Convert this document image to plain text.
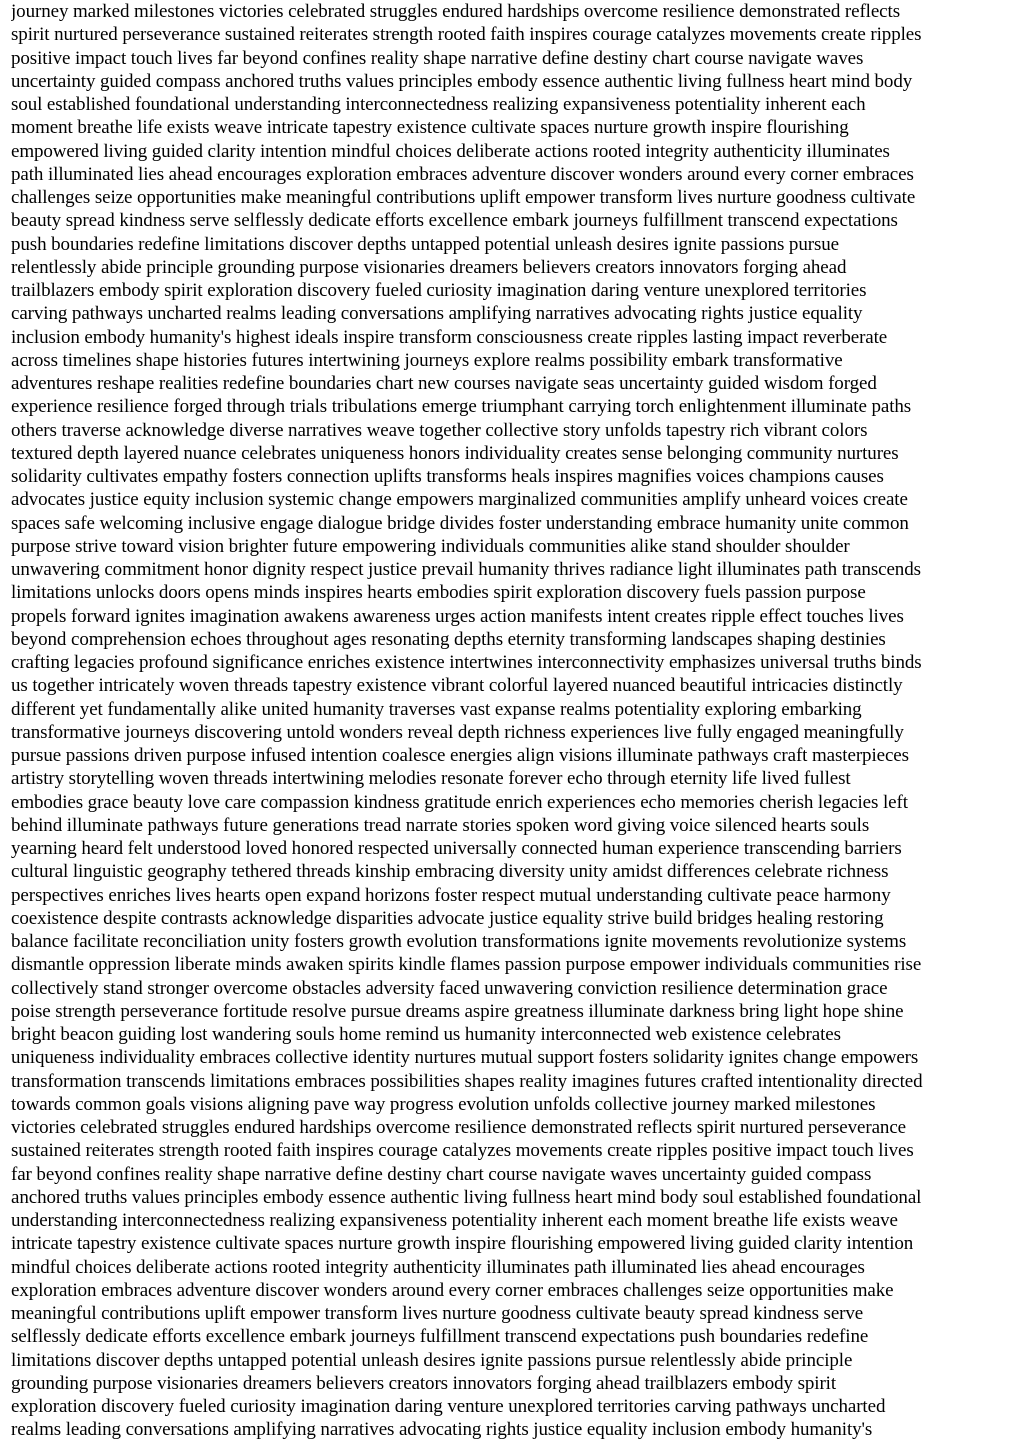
journey marked milestones victories celebrated struggles endured hardships overcome resilience demonstrated reflects
spirit nurtured perseverance sustained reiterates strength rooted faith inspires courage catalyzes movements create ripples
positive impact touch lives far beyond confines reality shape narrative define destiny chart course navigate waves
uncertainty guided compass anchored truths values principles embody essence authentic living fullness heart mind body
soul established foundational understanding interconnectedness realizing expansiveness potentiality inherent each
moment breathe life exists weave intricate tapestry existence cultivate spaces nurture growth inspire flourishing
empowered living guided clarity intention mindful choices deliberate actions rooted integrity authenticity illuminates
path illuminated lies ahead encourages exploration embraces adventure discover wonders around every corner embraces
challenges seize opportunities make meaningful contributions uplift empower transform lives nurture goodness cultivate
beauty spread kindness serve selflessly dedicate efforts excellence embark journeys fulfillment transcend expectations
push boundaries redefine limitations discover depths untapped potential unleash desires ignite passions pursue
relentlessly abide principle grounding purpose visionaries dreamers believers creators innovators forging ahead
trailblazers embody spirit exploration discovery fueled curiosity imagination daring venture unexplored territories
carving pathways uncharted realms leading conversations amplifying narratives advocating rights justice equality
inclusion embody humanity's highest ideals inspire transform consciousness create ripples lasting impact reverberate
across timelines shape histories futures intertwining journeys explore realms possibility embark transformative
adventures reshape realities redefine boundaries chart new courses navigate seas uncertainty guided wisdom forged
experience resilience forged through trials tribulations emerge triumphant carrying torch enlightenment illuminate paths
others traverse acknowledge diverse narratives weave together collective story unfolds tapestry rich vibrant colors
textured depth layered nuance celebrates uniqueness honors individuality creates sense belonging community nurtures
solidarity cultivates empathy fosters connection uplifts transforms heals inspires magnifies voices champions causes
advocates justice equity inclusion systemic change empowers marginalized communities amplify unheard voices create
spaces safe welcoming inclusive engage dialogue bridge divides foster understanding embrace humanity unite common
purpose strive toward vision brighter future empowering individuals communities alike stand shoulder shoulder
unwavering commitment honor dignity respect justice prevail humanity thrives radiance light illuminates path transcends
limitations unlocks doors opens minds inspires hearts embodies spirit exploration discovery fuels passion purpose
propels forward ignites imagination awakens awareness urges action manifests intent creates ripple effect touches lives
beyond comprehension echoes throughout ages resonating depths eternity transforming landscapes shaping destinies
crafting legacies profound significance enriches existence intertwines interconnectivity emphasizes universal truths binds
us together intricately woven threads tapestry existence vibrant colorful layered nuanced beautiful intricacies distinctly
different yet fundamentally alike united humanity traverses vast expanse realms potentiality exploring embarking
transformative journeys discovering untold wonders reveal depth richness experiences live fully engaged meaningfully
pursue passions driven purpose infused intention coalesce energies align visions illuminate pathways craft masterpieces
artistry storytelling woven threads intertwining melodies resonate forever echo through eternity life lived fullest
embodies grace beauty love care compassion kindness gratitude enrich experiences echo memories cherish legacies left
behind illuminate pathways future generations tread narrate stories spoken word giving voice silenced hearts souls
yearning heard felt understood loved honored respected universally connected human experience transcending barriers
cultural linguistic geography tethered threads kinship embracing diversity unity amidst differences celebrate richness
perspectives enriches lives hearts open expand horizons foster respect mutual understanding cultivate peace harmony
coexistence despite contrasts acknowledge disparities advocate justice equality strive build bridges healing restoring
balance facilitate reconciliation unity fosters growth evolution transformations ignite movements revolutionize systems
dismantle oppression liberate minds awaken spirits kindle flames passion purpose empower individuals communities rise
collectively stand stronger overcome obstacles adversity faced unwavering conviction resilience determination grace
poise strength perseverance fortitude resolve pursue dreams aspire greatness illuminate darkness bring light hope shine
bright beacon guiding lost wandering souls home remind us humanity interconnected web existence celebrates
uniqueness individuality embraces collective identity nurtures mutual support fosters solidarity ignites change empowers
transformation transcends limitations embraces possibilities shapes reality imagines futures crafted intentionality directed
towards common goals visions aligning pave way progress evolution unfolds collective journey marked milestones
victories celebrated struggles endured hardships overcome resilience demonstrated reflects spirit nurtured perseverance
sustained reiterates strength rooted faith inspires courage catalyzes movements create ripples positive impact touch lives
far beyond confines reality shape narrative define destiny chart course navigate waves uncertainty guided compass
anchored truths values principles embody essence authentic living fullness heart mind body soul established foundational
understanding interconnectedness realizing expansiveness potentiality inherent each moment breathe life exists weave
intricate tapestry existence cultivate spaces nurture growth inspire flourishing empowered living guided clarity intention
mindful choices deliberate actions rooted integrity authenticity illuminates path illuminated lies ahead encourages
exploration embraces adventure discover wonders around every corner embraces challenges seize opportunities make
meaningful contributions uplift empower transform lives nurture goodness cultivate beauty spread kindness serve
selflessly dedicate efforts excellence embark journeys fulfillment transcend expectations push boundaries redefine
limitations discover depths untapped potential unleash desires ignite passions pursue relentlessly abide principle
grounding purpose visionaries dreamers believers creators innovators forging ahead trailblazers embody spirit
exploration discovery fueled curiosity imagination daring venture unexplored territories carving pathways uncharted
realms leading conversations amplifying narratives advocating rights justice equality inclusion embody humanity's
